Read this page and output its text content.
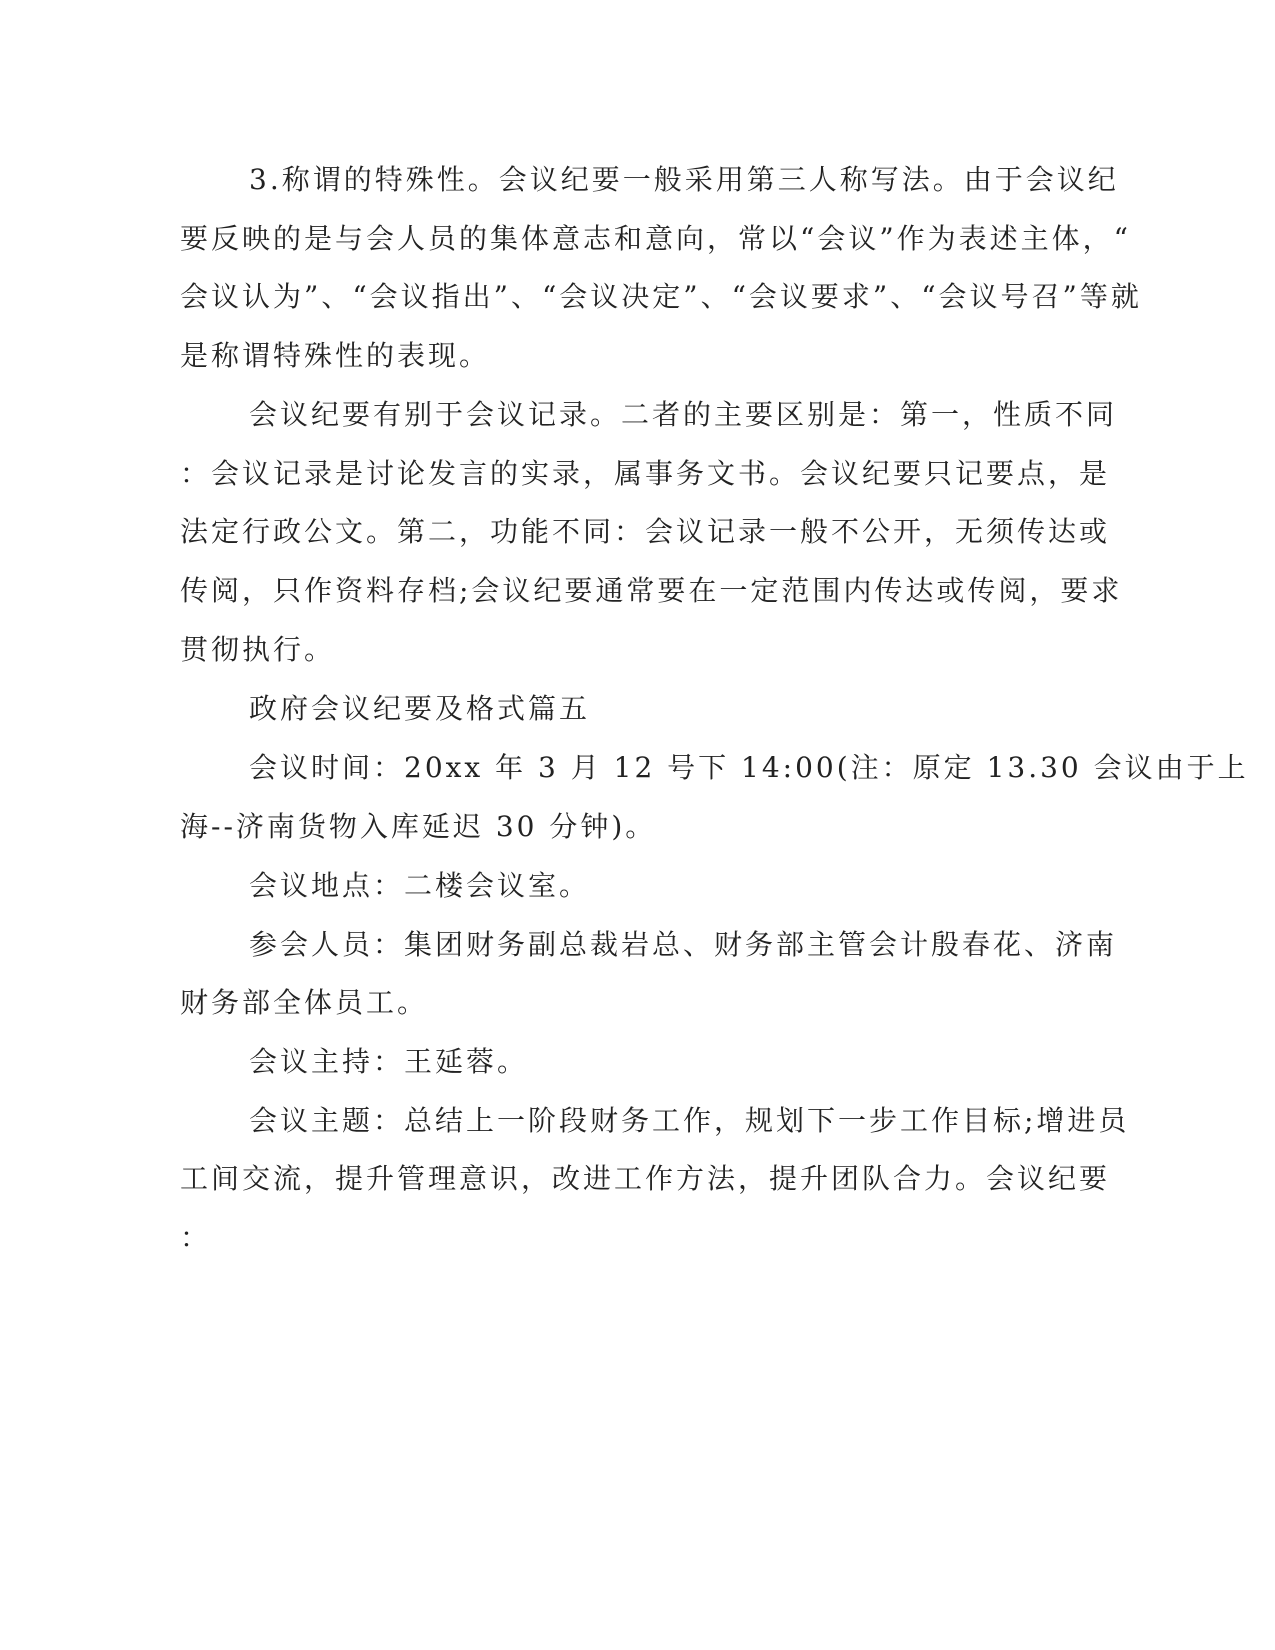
3.称谓的特殊性。会议纪要一般采用第三人称写法。由于会议纪

要反映的是与会人员的集体意志和意向，常以“会议”作为表述主体，“

会议认为”、“会议指出”、“会议决定”、“会议要求”、“会议号召”等就

是称谓特殊性的表现。

会议纪要有别于会议记录。二者的主要区别是：第一，性质不同

：会议记录是讨论发言的实录，属事务文书。会议纪要只记要点，是

法定行政公文。第二，功能不同：会议记录一般不公开，无须传达或

传阅，只作资料存档;会议纪要通常要在一定范围内传达或传阅，要求

贯彻执行。

政府会议纪要及格式篇五

会议时间：20xx 年 3 月 12 号下 14:00(注：原定 13.30 会议由于上

海--济南货物入库延迟 30 分钟)。

会议地点：二楼会议室。

参会人员：集团财务副总裁岩总、财务部主管会计殷春花、济南

财务部全体员工。

会议主持：王延蓉。

会议主题：总结上一阶段财务工作，规划下一步工作目标;增进员

工间交流，提升管理意识，改进工作方法，提升团队合力。会议纪要

：
